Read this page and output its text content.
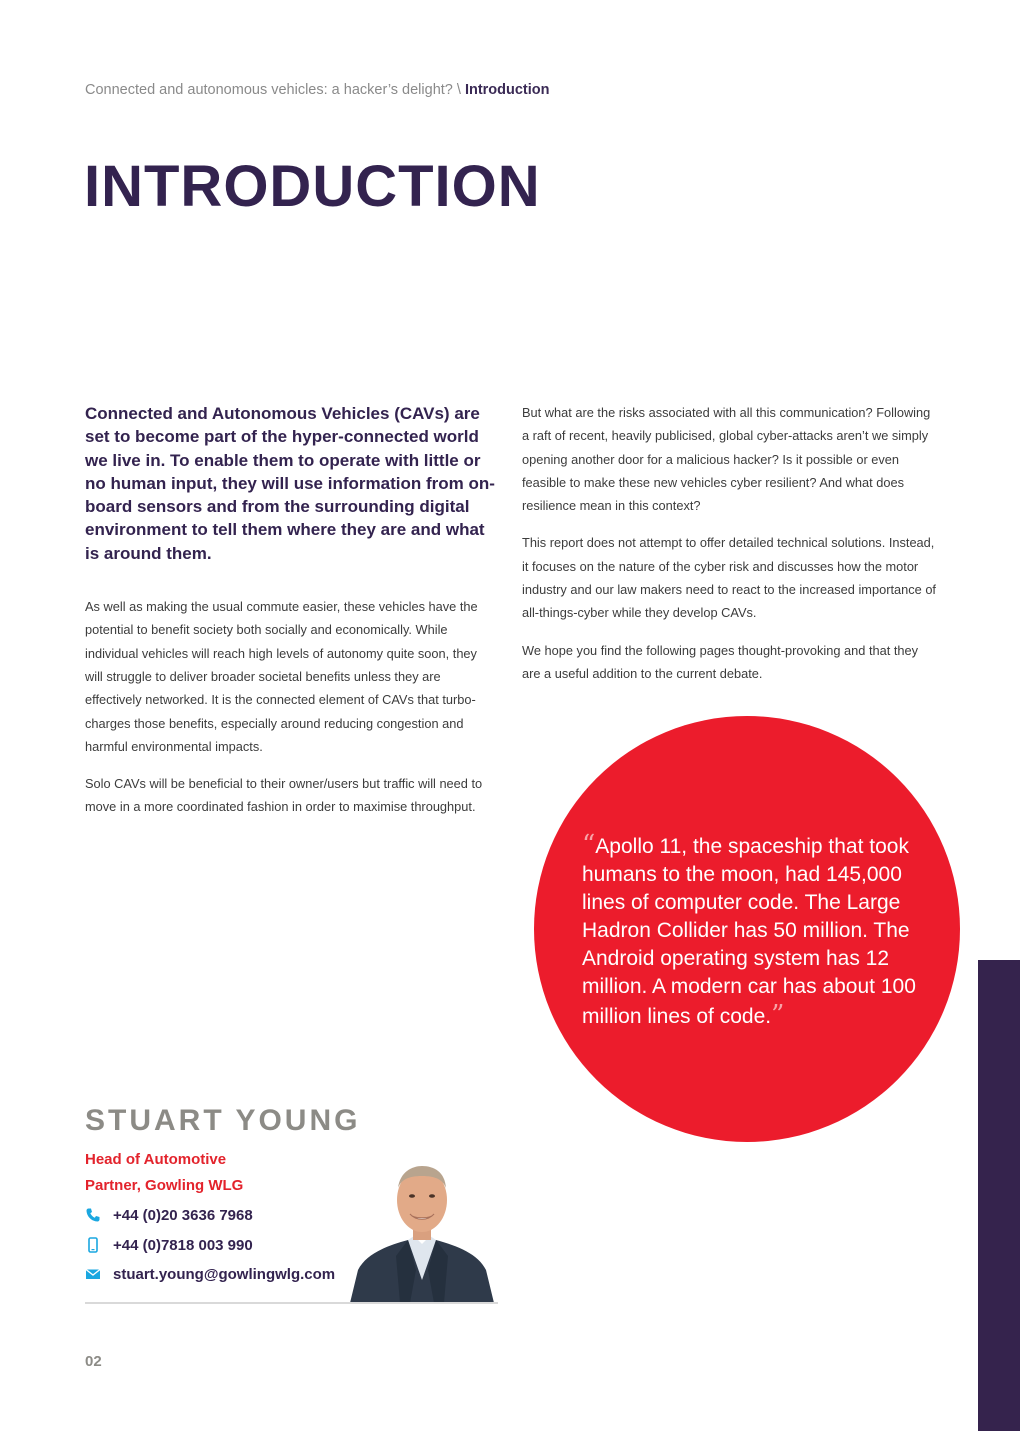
Connected and autonomous vehicles: a hacker’s delight? \ Introduction
INTRODUCTION

Connected and Autonomous Vehicles (CAVs) are set to become part of the hyper-connected world we live in. To enable them to operate with little or no human input, they will use information from on-board sensors and from the surrounding digital environment to tell them where they are and what is around them.

As well as making the usual commute easier, these vehicles have the potential to benefit society both socially and economically. While individual vehicles will reach high levels of autonomy quite soon, they will struggle to deliver broader societal benefits unless they are effectively networked. It is the connected element of CAVs that turbo-charges those benefits, especially around reducing congestion and harmful environmental impacts.

Solo CAVs will be beneficial to their owner/users but traffic will need to move in a more coordinated fashion in order to maximise throughput.

But what are the risks associated with all this communication? Following a raft of recent, heavily publicised, global cyber-attacks aren’t we simply opening another door for a malicious hacker? Is it possible or even feasible to make these new vehicles cyber resilient? And what does resilience mean in this context?

This report does not attempt to offer detailed technical solutions. Instead, it focuses on the nature of the cyber risk and discusses how the motor industry and our law makers need to react to the increased importance of all-things-cyber while they develop CAVs.

We hope you find the following pages thought-provoking and that they are a useful addition to the current debate.

“Apollo 11, the spaceship that took humans to the moon, had 145,000 lines of computer code. The Large Hadron Collider has 50 million. The Android operating system has 12 million. A modern car has about 100 million lines of code.”

STUART YOUNG
Head of Automotive
Partner, Gowling WLG
+44 (0)20 3636 7968
+44 (0)7818 003 990
stuart.young@gowlingwlg.com
02
